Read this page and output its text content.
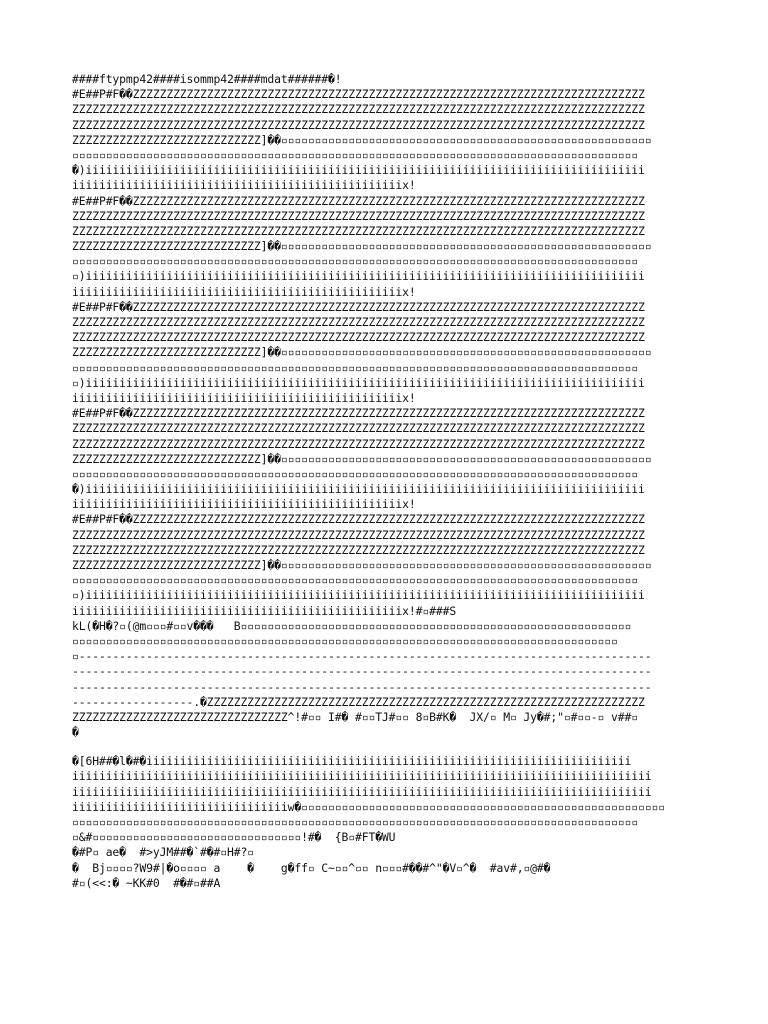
####ftypmp42####isommp42####mdat######�!
#E##P#F��ZZZZZZZZZZZZZZZZZZZZZZZZZZZZZZZZZZZZZZZZZZZZZZZZZZZZZZZZZZZZZZZZZZZZZZZZZZZZ
ZZZZZZZZZZZZZZZZZZZZZZZZZZZZZZZZZZZZZZZZZZZZZZZZZZZZZZZZZZZZZZZZZZZZZZZZZZZZZZZZZZZZZ
ZZZZZZZZZZZZZZZZZZZZZZZZZZZZZZZZZZZZZZZZZZZZZZZZZZZZZZZZZZZZZZZZZZZZZZZZZZZZZZZZZZZZZ
ZZZZZZZZZZZZZZZZZZZZZZZZZZZZ]��▫▫▫▫▫▫▫▫▫▫▫▫▫▫▫▫▫▫▫▫▫▫▫▫▫▫▫▫▫▫▫▫▫▫▫▫▫▫▫▫▫▫▫▫▫▫▫▫▫▫▫▫▫▫▫
▫▫▫▫▫▫▫▫▫▫▫▫▫▫▫▫▫▫▫▫▫▫▫▫▫▫▫▫▫▫▫▫▫▫▫▫▫▫▫▫▫▫▫▫▫▫▫▫▫▫▫▫▫▫▫▫▫▫▫▫▫▫▫▫▫▫▫▫▫▫▫▫▫▫▫▫▫▫▫▫▫▫▫▫
�)iiiiiiiiiiiiiiiiiiiiiiiiiiiiiiiiiiiiiiiiiiiiiiiiiiiiiiiiiiiiiiiiiiiiiiiiiiiiiiiiiii
iiiiiiiiiiiiiiiiiiiiiiiiiiiiiiiiiiiiiiiiiiiiiiiiix!
#E##P#F��ZZZZZZZZZZZZZZZZZZZZZZZZZZZZZZZZZZZZZZZZZZZZZZZZZZZZZZZZZZZZZZZZZZZZZZZZZZZZ
ZZZZZZZZZZZZZZZZZZZZZZZZZZZZZZZZZZZZZZZZZZZZZZZZZZZZZZZZZZZZZZZZZZZZZZZZZZZZZZZZZZZZZ
ZZZZZZZZZZZZZZZZZZZZZZZZZZZZZZZZZZZZZZZZZZZZZZZZZZZZZZZZZZZZZZZZZZZZZZZZZZZZZZZZZZZZZ
ZZZZZZZZZZZZZZZZZZZZZZZZZZZZ]��▫▫▫▫▫▫▫▫▫▫▫▫▫▫▫▫▫▫▫▫▫▫▫▫▫▫▫▫▫▫▫▫▫▫▫▫▫▫▫▫▫▫▫▫▫▫▫▫▫▫▫▫▫▫▫
▫▫▫▫▫▫▫▫▫▫▫▫▫▫▫▫▫▫▫▫▫▫▫▫▫▫▫▫▫▫▫▫▫▫▫▫▫▫▫▫▫▫▫▫▫▫▫▫▫▫▫▫▫▫▫▫▫▫▫▫▫▫▫▫▫▫▫▫▫▫▫▫▫▫▫▫▫▫▫▫▫▫▫▫
▫)iiiiiiiiiiiiiiiiiiiiiiiiiiiiiiiiiiiiiiiiiiiiiiiiiiiiiiiiiiiiiiiiiiiiiiiiiiiiiiiiiii
iiiiiiiiiiiiiiiiiiiiiiiiiiiiiiiiiiiiiiiiiiiiiiiiix!
#E##P#F��ZZZZZZZZZZZZZZZZZZZZZZZZZZZZZZZZZZZZZZZZZZZZZZZZZZZZZZZZZZZZZZZZZZZZZZZZZZZZ
ZZZZZZZZZZZZZZZZZZZZZZZZZZZZZZZZZZZZZZZZZZZZZZZZZZZZZZZZZZZZZZZZZZZZZZZZZZZZZZZZZZZZZ
ZZZZZZZZZZZZZZZZZZZZZZZZZZZZZZZZZZZZZZZZZZZZZZZZZZZZZZZZZZZZZZZZZZZZZZZZZZZZZZZZZZZZZ
ZZZZZZZZZZZZZZZZZZZZZZZZZZZZ]��▫▫▫▫▫▫▫▫▫▫▫▫▫▫▫▫▫▫▫▫▫▫▫▫▫▫▫▫▫▫▫▫▫▫▫▫▫▫▫▫▫▫▫▫▫▫▫▫▫▫▫▫▫▫▫
▫▫▫▫▫▫▫▫▫▫▫▫▫▫▫▫▫▫▫▫▫▫▫▫▫▫▫▫▫▫▫▫▫▫▫▫▫▫▫▫▫▫▫▫▫▫▫▫▫▫▫▫▫▫▫▫▫▫▫▫▫▫▫▫▫▫▫▫▫▫▫▫▫▫▫▫▫▫▫▫▫▫▫▫
▫)iiiiiiiiiiiiiiiiiiiiiiiiiiiiiiiiiiiiiiiiiiiiiiiiiiiiiiiiiiiiiiiiiiiiiiiiiiiiiiiiiii
iiiiiiiiiiiiiiiiiiiiiiiiiiiiiiiiiiiiiiiiiiiiiiiiix!
#E##P#F��ZZZZZZZZZZZZZZZZZZZZZZZZZZZZZZZZZZZZZZZZZZZZZZZZZZZZZZZZZZZZZZZZZZZZZZZZZZZZ
ZZZZZZZZZZZZZZZZZZZZZZZZZZZZZZZZZZZZZZZZZZZZZZZZZZZZZZZZZZZZZZZZZZZZZZZZZZZZZZZZZZZZZ
ZZZZZZZZZZZZZZZZZZZZZZZZZZZZZZZZZZZZZZZZZZZZZZZZZZZZZZZZZZZZZZZZZZZZZZZZZZZZZZZZZZZZZ
ZZZZZZZZZZZZZZZZZZZZZZZZZZZZ]��▫▫▫▫▫▫▫▫▫▫▫▫▫▫▫▫▫▫▫▫▫▫▫▫▫▫▫▫▫▫▫▫▫▫▫▫▫▫▫▫▫▫▫▫▫▫▫▫▫▫▫▫▫▫▫
▫▫▫▫▫▫▫▫▫▫▫▫▫▫▫▫▫▫▫▫▫▫▫▫▫▫▫▫▫▫▫▫▫▫▫▫▫▫▫▫▫▫▫▫▫▫▫▫▫▫▫▫▫▫▫▫▫▫▫▫▫▫▫▫▫▫▫▫▫▫▫▫▫▫▫▫▫▫▫▫▫▫▫▫
�)iiiiiiiiiiiiiiiiiiiiiiiiiiiiiiiiiiiiiiiiiiiiiiiiiiiiiiiiiiiiiiiiiiiiiiiiiiiiiiiiiii
iiiiiiiiiiiiiiiiiiiiiiiiiiiiiiiiiiiiiiiiiiiiiiiiix!
#E##P#F��ZZZZZZZZZZZZZZZZZZZZZZZZZZZZZZZZZZZZZZZZZZZZZZZZZZZZZZZZZZZZZZZZZZZZZZZZZZZZ
ZZZZZZZZZZZZZZZZZZZZZZZZZZZZZZZZZZZZZZZZZZZZZZZZZZZZZZZZZZZZZZZZZZZZZZZZZZZZZZZZZZZZZ
ZZZZZZZZZZZZZZZZZZZZZZZZZZZZZZZZZZZZZZZZZZZZZZZZZZZZZZZZZZZZZZZZZZZZZZZZZZZZZZZZZZZZZ
ZZZZZZZZZZZZZZZZZZZZZZZZZZZZ]��▫▫▫▫▫▫▫▫▫▫▫▫▫▫▫▫▫▫▫▫▫▫▫▫▫▫▫▫▫▫▫▫▫▫▫▫▫▫▫▫▫▫▫▫▫▫▫▫▫▫▫▫▫▫▫
▫▫▫▫▫▫▫▫▫▫▫▫▫▫▫▫▫▫▫▫▫▫▫▫▫▫▫▫▫▫▫▫▫▫▫▫▫▫▫▫▫▫▫▫▫▫▫▫▫▫▫▫▫▫▫▫▫▫▫▫▫▫▫▫▫▫▫▫▫▫▫▫▫▫▫▫▫▫▫▫▫▫▫▫
▫)iiiiiiiiiiiiiiiiiiiiiiiiiiiiiiiiiiiiiiiiiiiiiiiiiiiiiiiiiiiiiiiiiiiiiiiiiiiiiiiiiii
iiiiiiiiiiiiiiiiiiiiiiiiiiiiiiiiiiiiiiiiiiiiiiiiix!#▫###S
kL(�H�?▫(@m▫▫▫#▫▫v���   B▫▫▫▫▫▫▫▫▫▫▫▫▫▫▫▫▫▫▫▫▫▫▫▫▫▫▫▫▫▫▫▫▫▫▫▫▫▫▫▫▫▫▫▫▫▫▫▫▫▫▫▫▫▫▫▫▫▫
▫▫▫▫▫▫▫▫▫▫▫▫▫▫▫▫▫▫▫▫▫▫▫▫▫▫▫▫▫▫▫▫▫▫▫▫▫▫▫▫▫▫▫▫▫▫▫▫▫▫▫▫▫▫▫▫▫▫▫▫▫▫▫▫▫▫▫▫▫▫▫▫▫▫▫▫▫▫▫▫▫
▫-------------------------------------------------------------------------------------
--------------------------------------------------------------------------------------
--------------------------------------------------------------------------------------
------------------.�ZZZZZZZZZZZZZZZZZZZZZZZZZZZZZZZZZZZZZZZZZZZZZZZZZZZZZZZZZZZZZZZZZ
ZZZZZZZZZZZZZZZZZZZZZZZZZZZZZZZZ^!#▫▫ I#� #▫▫TJ#▫▫ 8▫B#K�  JX/▫ M▫ Jy�#;"▫#▫▫-▫ v##▫
�
�[6H##�l�#�iiiiiiiiiiiiiiiiiiiiiiiiiiiiiiiiiiiiiiiiiiiiiiiiiiiiiiiiiiiiiiiiiiiiiiii
iiiiiiiiiiiiiiiiiiiiiiiiiiiiiiiiiiiiiiiiiiiiiiiiiiiiiiiiiiiiiiiiiiiiiiiiiiiiiiiiiiiiii
iiiiiiiiiiiiiiiiiiiiiiiiiiiiiiiiiiiiiiiiiiiiiiiiiiiiiiiiiiiiiiiiiiiiiiiiiiiiiiiiiiiiii
iiiiiiiiiiiiiiiiiiiiiiiiiiiiiiiiw�▫▫▫▫▫▫▫▫▫▫▫▫▫▫▫▫▫▫▫▫▫▫▫▫▫▫▫▫▫▫▫▫▫▫▫▫▫▫▫▫▫▫▫▫▫▫▫▫▫▫▫▫▫▫
▫▫▫▫▫▫▫▫▫▫▫▫▫▫▫▫▫▫▫▫▫▫▫▫▫▫▫▫▫▫▫▫▫▫▫▫▫▫▫▫▫▫▫▫▫▫▫▫▫▫▫▫▫▫▫▫▫▫▫▫▫▫▫▫▫▫▫▫▫▫▫▫▫▫▫▫▫▫▫▫▫▫▫▫
▫&#▫▫▫▫▫▫▫▫▫▫▫▫▫▫▫▫▫▫▫▫▫▫▫▫▫▫▫▫▫▫▫!#�  {B▫#FT�WU
�#P▫ ae�  #>yJM##�`#�#▫H#?▫
�  Bj▫▫▫▫?W9#|�o▫▫▫▫ a    �    g�ff▫ C~▫▫^▫▫ n▫▫▫#��#^"�V▫^�  #av#,▫@#�
#▫(<<:� ~KK#0  #�#▫##A
